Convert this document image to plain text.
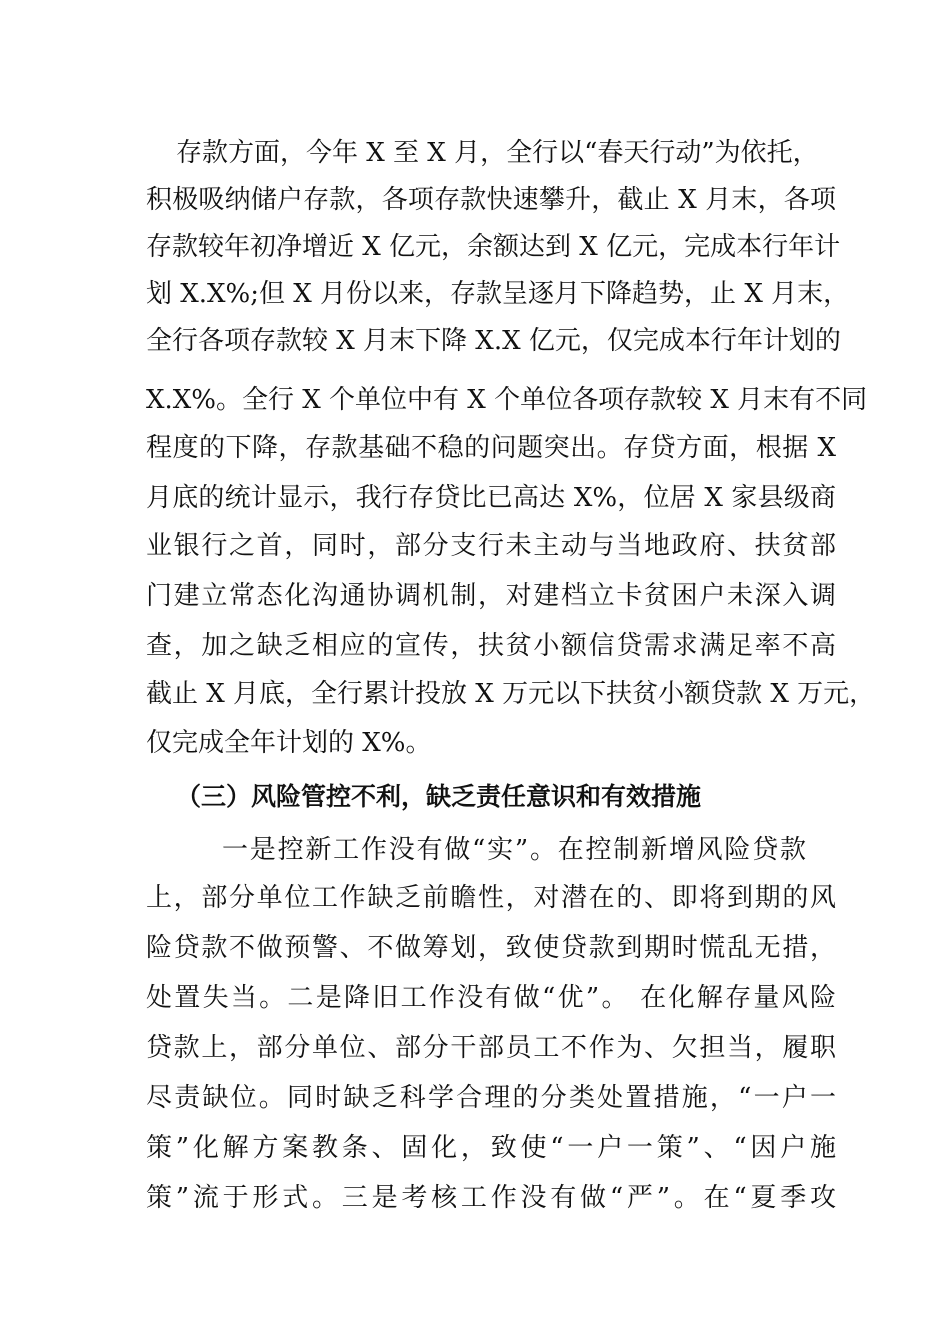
存款方面，今年 X 至 X 月，全行以“春天行动”为依托，
积极吸纳储户存款，各项存款快速攀升，截止 X 月末，各项
存款较年初净增近 X 亿元，余额达到 X 亿元，完成本行年计
划 X.X%;但 X 月份以来，存款呈逐月下降趋势，止 X 月末，
全行各项存款较 X 月末下降 X.X 亿元，仅完成本行年计划的
X.X%。全行 X 个单位中有 X 个单位各项存款较 X 月末有不同
程度的下降，存款基础不稳的问题突出。存贷方面，根据 X
月底的统计显示，我行存贷比已高达 X%，位居 X 家县级商
业银行之首，同时，部分支行未主动与当地政府、扶贫部
门建立常态化沟通协调机制，对建档立卡贫困户未深入调
查，加之缺乏相应的宣传，扶贫小额信贷需求满足率不高
截止 X 月底，全行累计投放 X 万元以下扶贫小额贷款 X 万元，
仅完成全年计划的 X%。
（三）风险管控不利，缺乏责任意识和有效措施
一是控新工作没有做“实”。在控制新增风险贷款
上，部分单位工作缺乏前瞻性，对潜在的、即将到期的风
险贷款不做预警、不做筹划，致使贷款到期时慌乱无措，
处置失当。二是降旧工作没有做“优”。 在化解存量风险
贷款上，部分单位、部分干部员工不作为、欠担当，履职
尽责缺位。同时缺乏科学合理的分类处置措施，“一户一
策”化解方案教条、固化，致使“一户一策”、“因户施
策”流于形式。三是考核工作没有做“严”。在“夏季攻
